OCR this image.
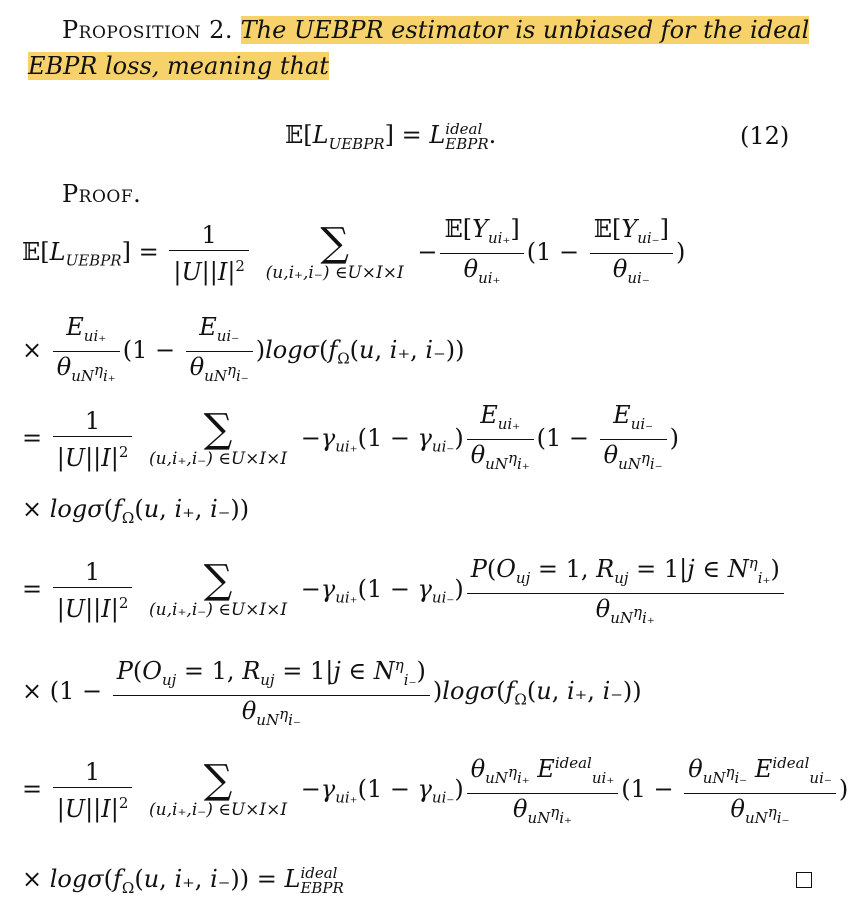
Proposition 2. The UEBPR estimator is unbiased for the ideal
EBPR loss, meaning that
$𝔼[L_{UEBPR}] = L$ ideal
EBPR .	(12)
Proof.
$𝔼[L_{UEBPR}] = \frac{1}{|U||I|^2}$
	∑
(u,i₊,i₋) ∈U×I×I
− $\frac{𝔼[Y_{ui_+}]}{\theta_{ui_+}} (1 - \frac{𝔼[Y_{ui_-}]}{\theta_{ui_-}}$ )
× $\frac{E_{ui_+}}{\theta_{uN^\eta i_+}} (1 - \frac{E_{ui_-}}{\theta_{uN^\eta i_-}} )\log\sigma(f_\Omega(u$, i₊, i₋))
= $\frac{1}{|U||I|^2}$
	∑
(u,i₊,i₋) ∈U×I×I
$-\gamma_{ui_+}(1 - \gamma_{ui_-}) \frac{E_{ui_+}}{\theta_{uN^\eta i_+}} (1 - \frac{E_{ui_-}}{\theta_{uN^\eta i_-}}$ )
× $\log\sigma(f_\Omega(u$, i₊, i₋))
= $\frac{1}{|U||I|^2}$
	∑
(u,i₊,i₋) ∈U×I×I
$-\gamma_{ui_+}(1 - \gamma_{ui_-}) \frac{P(O_{uj} = 1, R_{uj} = 1|j \in N^\eta_{i_+})}{\theta_{uN^\eta i_+}}$
× $(1 - \frac{P(O_{uj} = 1, R_{uj} = 1|j \in N^\eta_{i_-})}{\theta_{uN^\eta i_-}} )\log\sigma(f_\Omega(u$, i₊, i₋))
= $\frac{1}{|U||I|^2}$
	∑
(u,i₊,i₋) ∈U×I×I
$-\gamma_{ui_+}(1 - \gamma_{ui_-}) \frac{\theta_{uN^\eta i_+} E^{ideal}_{ui_+}}{\theta_{uN^\eta i_+}} (1 - \frac{\theta_{uN^\eta i_-} E^{ideal}_{ui_-}}{\theta_{uN^\eta i_-}}$ )
× $\log\sigma(f_\Omega(u$, i₊, i₋)) = L ideal
EBPR
